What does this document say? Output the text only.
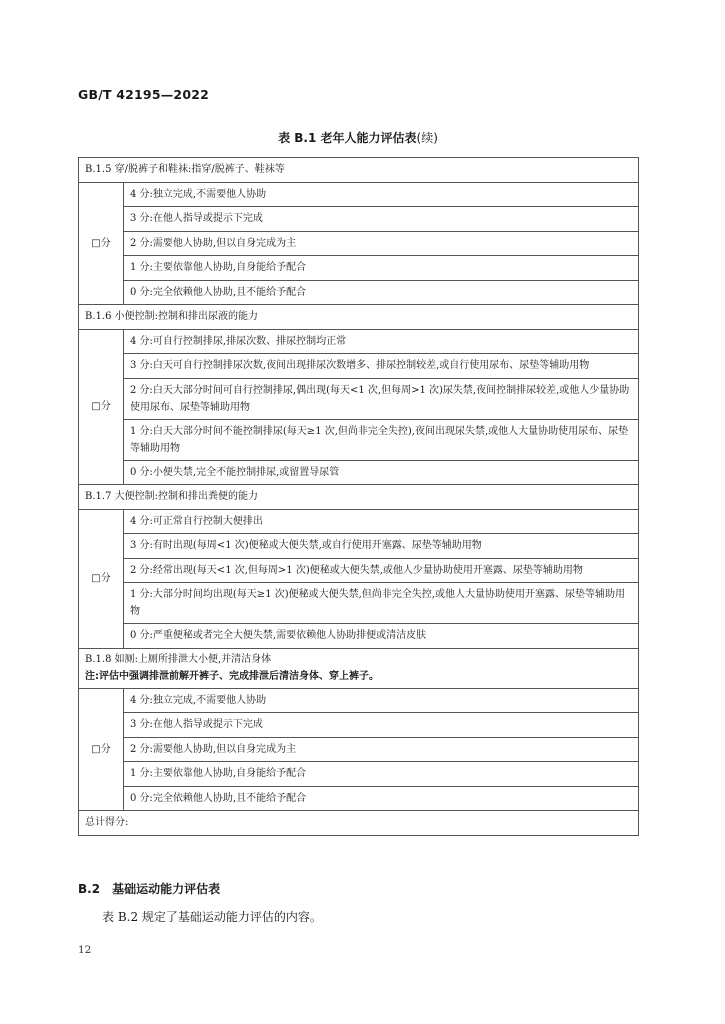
GB/T 42195—2022
表 B.1 老年人能力评估表(续)
B.1.5 穿/脱裤子和鞋袜:指穿/脱裤子、鞋袜等	
□分	4 分:独立完成,不需要他人协助
	3 分:在他人指导或提示下完成
	2 分:需要他人协助,但以自身完成为主
	1 分:主要依靠他人协助,自身能给予配合
	0 分:完全依赖他人协助,且不能给予配合
B.1.6 小便控制:控制和排出尿液的能力	
□分	4 分:可自行控制排尿,排尿次数、排尿控制均正常
	3 分:白天可自行控制排尿次数,夜间出现排尿次数增多、排尿控制较差,或自行使用尿布、尿垫等辅助用物
	2 分:白天大部分时间可自行控制排尿,偶出现(每天<1 次,但每周>1 次)尿失禁,夜间控制排尿较差,或他人少量协助使用尿布、尿垫等辅助用物
	1 分:白天大部分时间不能控制排尿(每天≥1 次,但尚非完全失控),夜间出现尿失禁,或他人大量协助使用尿布、尿垫等辅助用物
	0 分:小便失禁,完全不能控制排尿,或留置导尿管
B.1.7 大便控制:控制和排出粪便的能力	
□分	4 分:可正常自行控制大便排出
	3 分:有时出现(每周<1 次)便秘或大便失禁,或自行使用开塞露、尿垫等辅助用物
	2 分:经常出现(每天<1 次,但每周>1 次)便秘或大便失禁,或他人少量协助使用开塞露、尿垫等辅助用物
	1 分:大部分时间均出现(每天≥1 次)便秘或大便失禁,但尚非完全失控,或他人大量协助使用开塞露、尿垫等辅助用物
	0 分:严重便秘或者完全大便失禁,需要依赖他人协助排便或清洁皮肤

B.1.8 如厕:上厕所排泄大小便,并清洁身体
注:评估中强调排泄前解开裤子、完成排泄后清洁身体、穿上裤子。	

□分	4 分:独立完成,不需要他人协助
	3 分:在他人指导或提示下完成
	2 分:需要他人协助,但以自身完成为主
	1 分:主要依靠他人协助,自身能给予配合
	0 分:完全依赖他人协助,且不能给予配合
总计得分:	
B.2 基础运动能力评估表
表 B.2 规定了基础运动能力评估的内容。
12
